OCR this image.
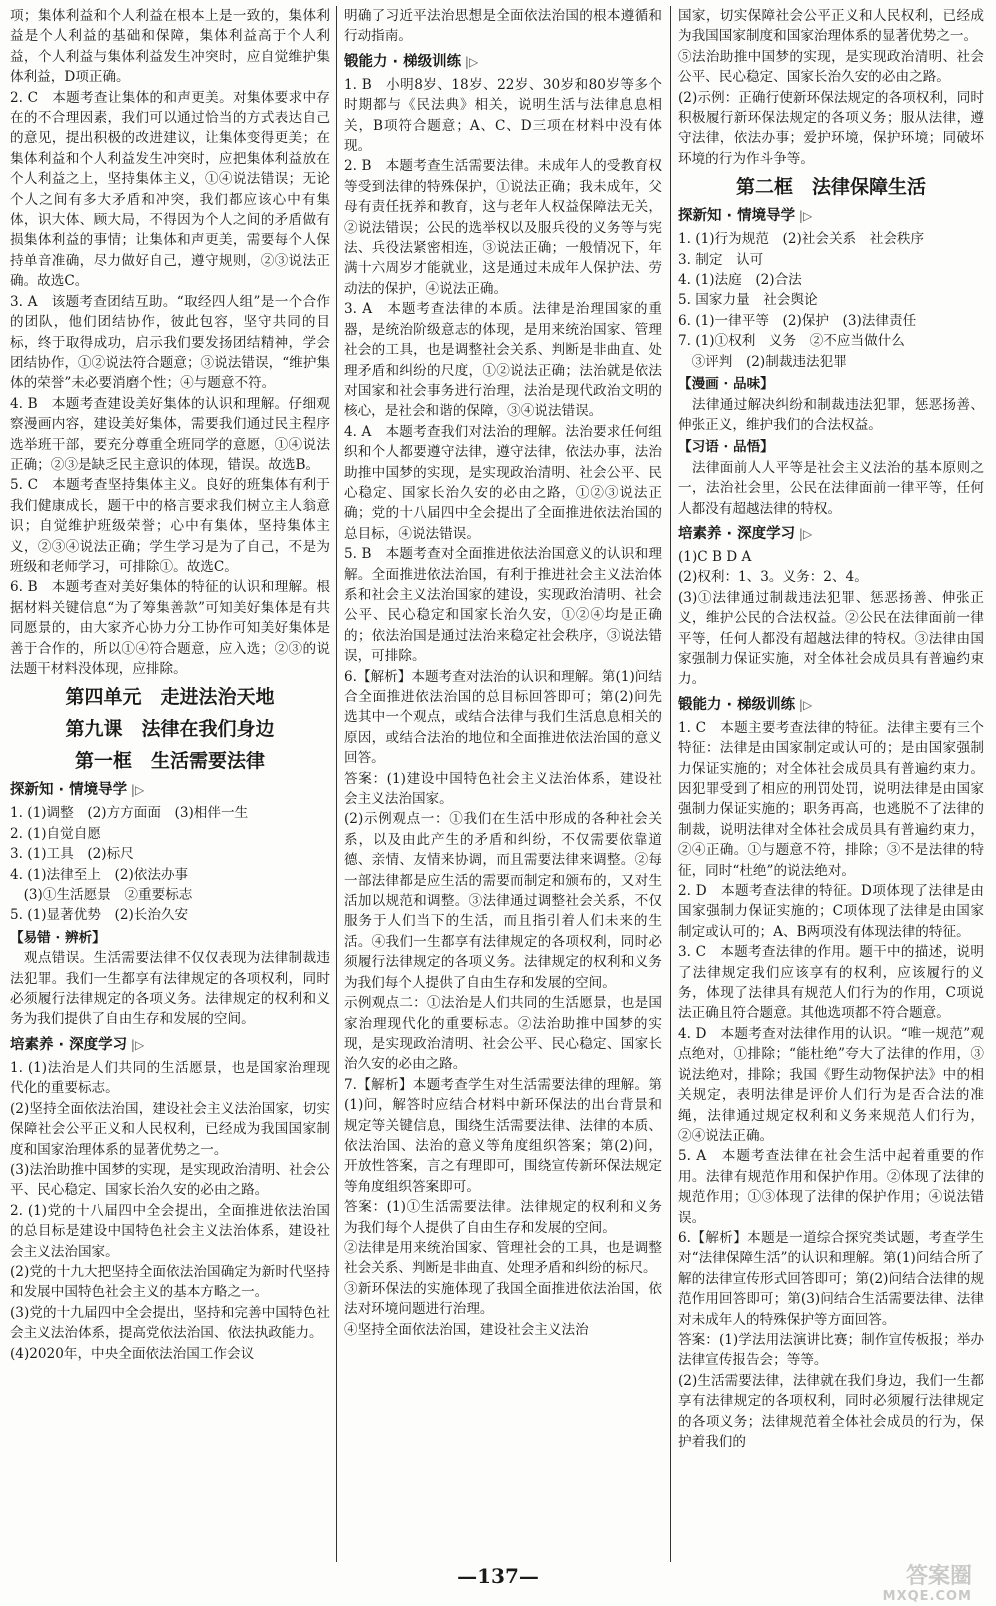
项；集体利益和个人利益在根本上是一致的，集体利益是个人利益的基础和保障，集体利益高于个人利益，个人利益与集体利益发生冲突时，应自觉维护集体利益，D项正确。
2. C　本题考查让集体的和声更美。对集体要求中存在的不合理因素，我们可以通过恰当的方式表达自己的意见，提出积极的改进建议，让集体变得更美；在集体利益和个人利益发生冲突时，应把集体利益放在个人利益之上，坚持集体主义，①④说法错误；无论个人之间有多大矛盾和冲突，我们都应该心中有集体，识大体、顾大局，不得因为个人之间的矛盾做有损集体利益的事情；让集体和声更美，需要每个人保持单音准确，尽力做好自己，遵守规则，②③说法正确。故选C。
3. A　该题考查团结互助。“取经四人组”是一个合作的团队，他们团结协作，彼此包容，坚守共同的目标，终于取得成功，启示我们要发扬团结精神，学会团结协作，①②说法符合题意；③说法错误，“维护集体的荣誉”未必要消磨个性；④与题意不符。
4. B　本题考查建设美好集体的认识和理解。仔细观察漫画内容，建设美好集体，需要我们通过民主程序选举班干部，要充分尊重全班同学的意愿，①④说法正确；②③是缺乏民主意识的体现，错误。故选B。
5. C　本题考查坚持集体主义。良好的班集体有利于我们健康成长，题干中的格言要求我们树立主人翁意识；自觉维护班级荣誉；心中有集体，坚持集体主义，②③④说法正确；学生学习是为了自己，不是为班级和老师学习，可排除①。故选C。
6. B　本题考查对美好集体的特征的认识和理解。根据材料关键信息“为了筹集善款”可知美好集体是有共同愿景的，由大家齐心协力分工协作可知美好集体是善于合作的，所以①④符合题意，应入选；②③的说法题干材料没体现，应排除。
第四单元　走进法治天地
第九课　法律在我们身边
第一框　生活需要法律
探新知 · 情境导学 |▷
1. (1)调整　(2)方方面面　(3)相伴一生
2. (1)自觉自愿
3. (1)工具　(2)标尺
4. (1)法律至上　(2)依法办事
　(3)①生活愿景　②重要标志
5. (1)显著优势　(2)长治久安
【易错 · 辨析】
　观点错误。生活需要法律不仅仅表现为法律制裁违法犯罪。我们一生都享有法律规定的各项权利，同时必须履行法律规定的各项义务。法律规定的权利和义务为我们提供了自由生存和发展的空间。
培素养 · 深度学习 |▷
1. (1)法治是人们共同的生活愿景，也是国家治理现代化的重要标志。
(2)坚持全面依法治国，建设社会主义法治国家，切实保障社会公平正义和人民权利，已经成为我国国家制度和国家治理体系的显著优势之一。
(3)法治助推中国梦的实现，是实现政治清明、社会公平、民心稳定、国家长治久安的必由之路。
2. (1)党的十八届四中全会提出，全面推进依法治国的总目标是建设中国特色社会主义法治体系，建设社会主义法治国家。
(2)党的十九大把坚持全面依法治国确定为新时代坚持和发展中国特色社会主义的基本方略之一。
(3)党的十九届四中全会提出，坚持和完善中国特色社会主义法治体系，提高党依法治国、依法执政能力。
(4)2020年，中央全面依法治国工作会议
明确了习近平法治思想是全面依法治国的根本遵循和行动指南。
锻能力 · 梯级训练 |▷
1. B　小明8岁、18岁、22岁、30岁和80岁等多个时期都与《民法典》相关，说明生活与法律息息相关，B项符合题意；A、C、D三项在材料中没有体现。
2. B　本题考查生活需要法律。未成年人的受教育权等受到法律的特殊保护，①说法正确；我未成年，父母有责任抚养和教育，这与老年人权益保障法无关，②说法错误；公民的选举权以及服兵役的义务等与宪法、兵役法紧密相连，③说法正确；一般情况下，年满十六周岁才能就业，这是通过未成年人保护法、劳动法的保护，④说法正确。
3. A　本题考查法律的本质。法律是治理国家的重器，是统治阶级意志的体现，是用来统治国家、管理社会的工具，也是调整社会关系、判断是非曲直、处理矛盾和纠纷的尺度，①②说法正确；法治就是依法对国家和社会事务进行治理，法治是现代政治文明的核心，是社会和谐的保障，③④说法错误。
4. A　本题考查我们对法治的理解。法治要求任何组织和个人都要遵守法律，遵守法律，依法办事，法治助推中国梦的实现，是实现政治清明、社会公平、民心稳定、国家长治久安的必由之路，①②③说法正确；党的十八届四中全会提出了全面推进依法治国的总目标，④说法错误。
5. B　本题考查对全面推进依法治国意义的认识和理解。全面推进依法治国，有利于推进社会主义法治体系和社会主义法治国家的建设，实现政治清明、社会公平、民心稳定和国家长治久安，①②④均是正确的；依法治国是通过法治来稳定社会秩序，③说法错误，可排除。
6.【解析】本题考查对法治的认识和理解。第(1)问结合全面推进依法治国的总目标回答即可；第(2)问先选其中一个观点，或结合法律与我们生活息息相关的原因，或结合法治的地位和全面推进依法治国的意义回答。
答案：(1)建设中国特色社会主义法治体系，建设社会主义法治国家。
(2)示例观点一：①我们在生活中形成的各种社会关系，以及由此产生的矛盾和纠纷，不仅需要依靠道德、亲情、友情来协调，而且需要法律来调整。②每一部法律都是应生活的需要而制定和颁布的，又对生活加以规范和调整。③法律通过调整社会关系，不仅服务于人们当下的生活，而且指引着人们未来的生活。④我们一生都享有法律规定的各项权利，同时必须履行法律规定的各项义务。法律规定的权利和义务为我们每个人提供了自由生存和发展的空间。
示例观点二：①法治是人们共同的生活愿景，也是国家治理现代化的重要标志。②法治助推中国梦的实现，是实现政治清明、社会公平、民心稳定、国家长治久安的必由之路。
7.【解析】本题考查学生对生活需要法律的理解。第(1)问，解答时应结合材料中新环保法的出台背景和规定等关键信息，围绕生活需要法律、法律的本质、依法治国、法治的意义等角度组织答案；第(2)问，开放性答案，言之有理即可，围绕宣传新环保法规定等角度组织答案即可。
答案：(1)①生活需要法律。法律规定的权利和义务为我们每个人提供了自由生存和发展的空间。
②法律是用来统治国家、管理社会的工具，也是调整社会关系、判断是非曲直、处理矛盾和纠纷的标尺。
③新环保法的实施体现了我国全面推进依法治国，依法对环境问题进行治理。
④坚持全面依法治国，建设社会主义法治
国家，切实保障社会公平正义和人民权利，已经成为我国国家制度和国家治理体系的显著优势之一。
⑤法治助推中国梦的实现，是实现政治清明、社会公平、民心稳定、国家长治久安的必由之路。
(2)示例：正确行使新环保法规定的各项权利，同时积极履行新环保法规定的各项义务；服从法律，遵守法律，依法办事；爱护环境，保护环境；同破坏环境的行为作斗争等。
第二框　法律保障生活
探新知 · 情境导学 |▷
1. (1)行为规范　(2)社会关系　社会秩序
3. 制定　认可
4. (1)法庭　(2)合法
5. 国家力量　社会舆论
6. (1)一律平等　(2)保护　(3)法律责任
7. (1)①权利　义务　②不应当做什么
　③评判　(2)制裁违法犯罪
【漫画 · 品味】
　法律通过解决纠纷和制裁违法犯罪，惩恶扬善、伸张正义，维护我们的合法权益。
【习语 · 品悟】
　法律面前人人平等是社会主义法治的基本原则之一，法治社会里，公民在法律面前一律平等，任何人都没有超越法律的特权。
培素养 · 深度学习 |▷
(1)C B D A
(2)权利：1、3。义务：2、4。
(3)①法律通过制裁违法犯罪、惩恶扬善、伸张正义，维护公民的合法权益。②公民在法律面前一律平等，任何人都没有超越法律的特权。③法律由国家强制力保证实施，对全体社会成员具有普遍约束力。
锻能力 · 梯级训练 |▷
1. C　本题主要考查法律的特征。法律主要有三个特征：法律是由国家制定或认可的；是由国家强制力保证实施的；对全体社会成员具有普遍约束力。因犯罪受到了相应的刑罚处罚，说明法律是由国家强制力保证实施的；职务再高，也逃脱不了法律的制裁，说明法律对全体社会成员具有普遍约束力，②④正确。①与题意不符，排除；③不是法律的特征，同时“杜绝”的说法绝对。
2. D　本题考查法律的特征。D项体现了法律是由国家强制力保证实施的；C项体现了法律是由国家制定或认可的；A、B两项没有体现法律的特征。
3. C　本题考查法律的作用。题干中的描述，说明了法律规定我们应该享有的权利，应该履行的义务，体现了法律具有规范人们行为的作用，C项说法正确且符合题意。其他选项都不符合题意。
4. D　本题考查对法律作用的认识。“唯一规范”观点绝对，①排除；“能杜绝”夸大了法律的作用，③说法绝对，排除；我国《野生动物保护法》中的相关规定，表明法律是评价人们行为是否合法的准绳，法律通过规定权利和义务来规范人们行为，②④说法正确。
5. A　本题考查法律在社会生活中起着重要的作用。法律有规范作用和保护作用。②体现了法律的规范作用；①③体现了法律的保护作用；④说法错误。
6.【解析】本题是一道综合探究类试题，考查学生对“法律保障生活”的认识和理解。第(1)问结合所了解的法律宣传形式回答即可；第(2)问结合法律的规范作用回答即可；第(3)问结合生活需要法律、法律对未成年人的特殊保护等方面回答。
答案：(1)学法用法演讲比赛；制作宣传板报；举办法律宣传报告会；等等。
(2)生活需要法律，法律就在我们身边，我们一生都享有法律规定的各项权利，同时必须履行法律规定的各项义务；法律规范着全体社会成员的行为，保护着我们的
—137—	答案圈
MXQE.COM
